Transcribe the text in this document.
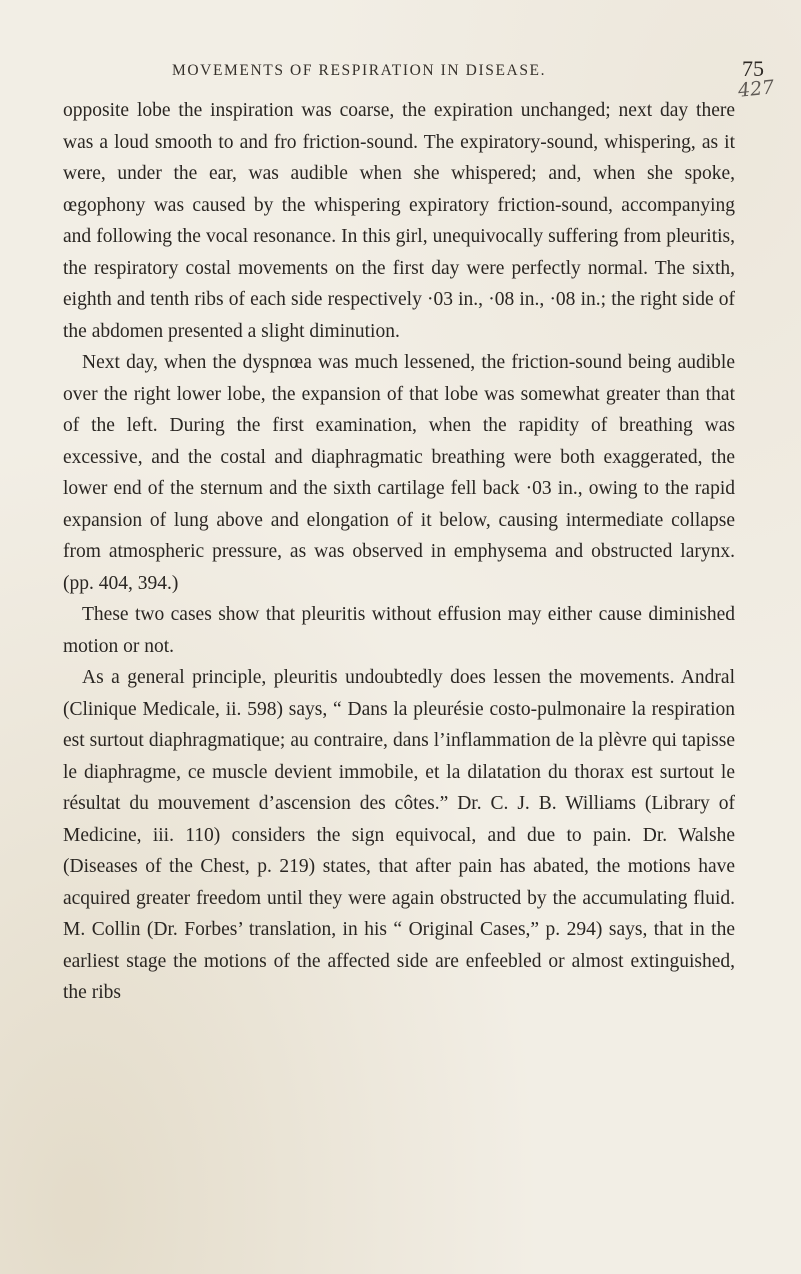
MOVEMENTS OF RESPIRATION IN DISEASE.	75
427

opposite lobe the inspiration was coarse, the expiration unchanged; next day there was a loud smooth to and fro friction-sound. The expiratory-sound, whispering, as it were, under the ear, was audible when she whispered; and, when she spoke, œgophony was caused by the whispering expiratory friction-sound, accompanying and following the vocal resonance. In this girl, unequivocally suffering from pleuritis, the respiratory costal movements on the first day were perfectly normal. The sixth, eighth and tenth ribs of each side respectively ·03 in., ·08 in., ·08 in.; the right side of the abdomen presented a slight diminution.

Next day, when the dyspnœa was much lessened, the friction-sound being audible over the right lower lobe, the expansion of that lobe was somewhat greater than that of the left. During the first examination, when the rapidity of breathing was excessive, and the costal and diaphragmatic breathing were both exaggerated, the lower end of the sternum and the sixth cartilage fell back ·03 in., owing to the rapid expansion of lung above and elongation of it below, causing intermediate collapse from atmospheric pressure, as was observed in emphysema and obstructed larynx. (pp. 404, 394.)

These two cases show that pleuritis without effusion may either cause diminished motion or not.

As a general principle, pleuritis undoubtedly does lessen the movements. Andral (Clinique Medicale, ii. 598) says, “ Dans la pleurésie costo-pulmonaire la respiration est surtout diaphragmatique; au contraire, dans l’inflammation de la plèvre qui tapisse le diaphragme, ce muscle devient immobile, et la dilatation du thorax est surtout le résultat du mouvement d’ascension des côtes.” Dr. C. J. B. Williams (Library of Medicine, iii. 110) considers the sign equivocal, and due to pain. Dr. Walshe (Diseases of the Chest, p. 219) states, that after pain has abated, the motions have acquired greater freedom until they were again obstructed by the accumulating fluid. M. Collin (Dr. Forbes’ translation, in his “ Original Cases,” p. 294) says, that in the earliest stage the motions of the affected side are enfeebled or almost extinguished, the ribs
